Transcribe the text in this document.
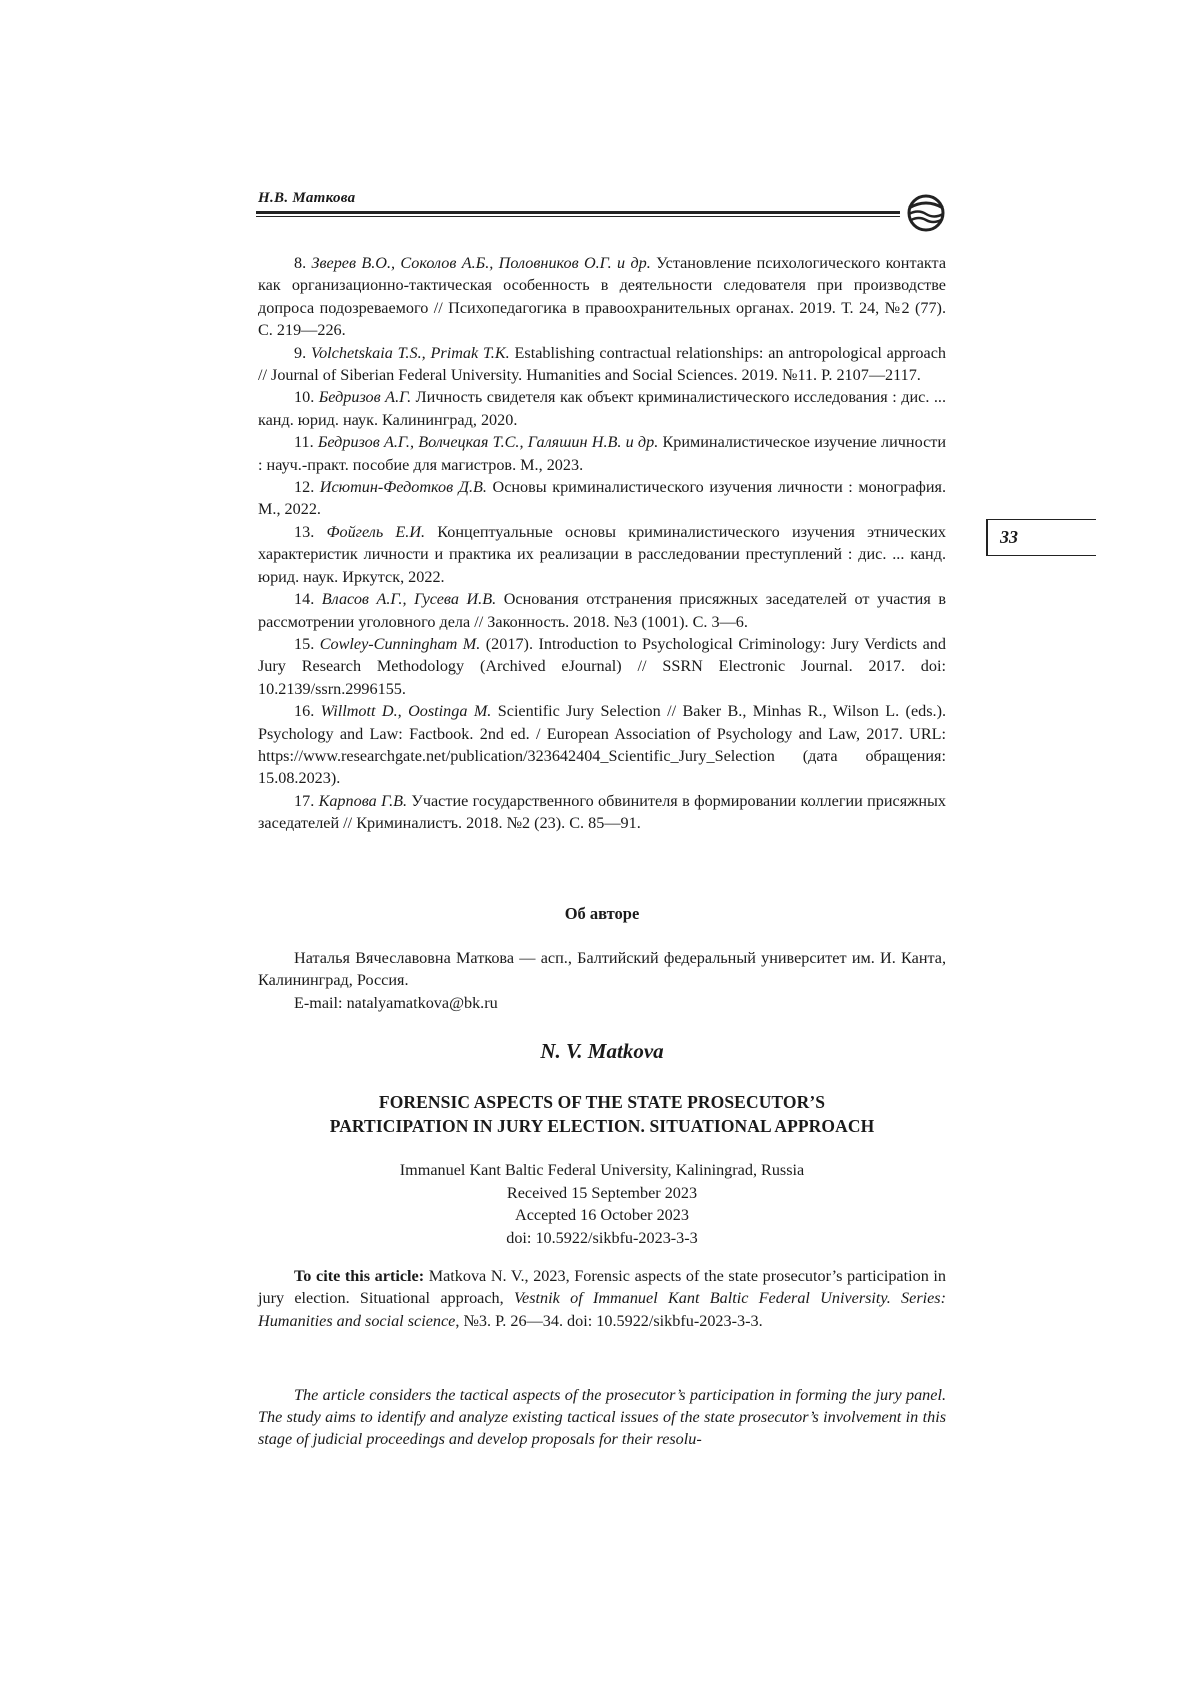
Н.В. Маткова
33

8. Зверев В.О., Соколов А.Б., Половников О.Г. и др. Установление психологического контакта как организационно-тактическая особенность в деятельности следователя при производстве допроса подозреваемого // Психопедагогика в правоохранительных органах. 2019. Т. 24, №2 (77). С. 219—226.

9. Volchetskaia T.S., Primak T.K. Establishing contractual relationships: an antropological approach // Journal of Siberian Federal University. Humanities and Social Sciences. 2019. №11. P. 2107—2117.

10. Бедризов А.Г. Личность свидетеля как объект криминалистического исследования : дис. ... канд. юрид. наук. Калининград, 2020.

11. Бедризов А.Г., Волчецкая Т.С., Галяшин Н.В. и др. Криминалистическое изучение личности : науч.-практ. пособие для магистров. М., 2023.

12. Исютин-Федотков Д.В. Основы криминалистического изучения личности : монография. М., 2022.

13. Фойгель Е.И. Концептуальные основы криминалистического изучения этнических характеристик личности и практика их реализации в расследовании преступлений : дис. ... канд. юрид. наук. Иркутск, 2022.

14. Власов А.Г., Гусева И.В. Основания отстранения присяжных заседателей от участия в рассмотрении уголовного дела // Законность. 2018. №3 (1001). С. 3—6.

15. Cowley-Cunningham M. (2017). Introduction to Psychological Criminology: Jury Verdicts and Jury Research Methodology (Archived eJournal) // SSRN Electronic Journal. 2017. doi: 10.2139/ssrn.2996155.

16. Willmott D., Oostinga M. Scientific Jury Selection // Baker B., Minhas R., Wilson L. (eds.). Psychology and Law: Factbook. 2nd ed. / European Association of Psychology and Law, 2017. URL: https://www.researchgate.net/publication/323642404_Scientific_Jury_Selection (дата обращения: 15.08.2023).

17. Карпова Г.В. Участие государственного обвинителя в формировании коллегии присяжных заседателей // Криминалистъ. 2018. №2 (23). С. 85—91.

Об авторе

Наталья Вячеславовна Маткова — асп., Балтийский федеральный университет им. И. Канта, Калининград, Россия.

E-mail: natalyamatkova@bk.ru

N. V. Matkova
FORENSIC ASPECTS OF THE STATE PROSECUTOR’S
PARTICIPATION IN JURY ELECTION. SITUATIONAL APPROACH
Immanuel Kant Baltic Federal University, Kaliningrad, Russia
Received 15 September 2023
Accepted 16 October 2023
doi: 10.5922/sikbfu-2023-3-3

To cite this article: Matkova N. V., 2023, Forensic aspects of the state prosecutor’s participation in jury election. Situational approach, Vestnik of Immanuel Kant Baltic Federal University. Series: Humanities and social science, №3. P. 26—34. doi: 10.5922/sikbfu-2023-3-3.

The article considers the tactical aspects of the prosecutor’s participation in forming the jury panel. The study aims to identify and analyze existing tactical issues of the state prosecutor’s involvement in this stage of judicial proceedings and develop proposals for their resolu-
